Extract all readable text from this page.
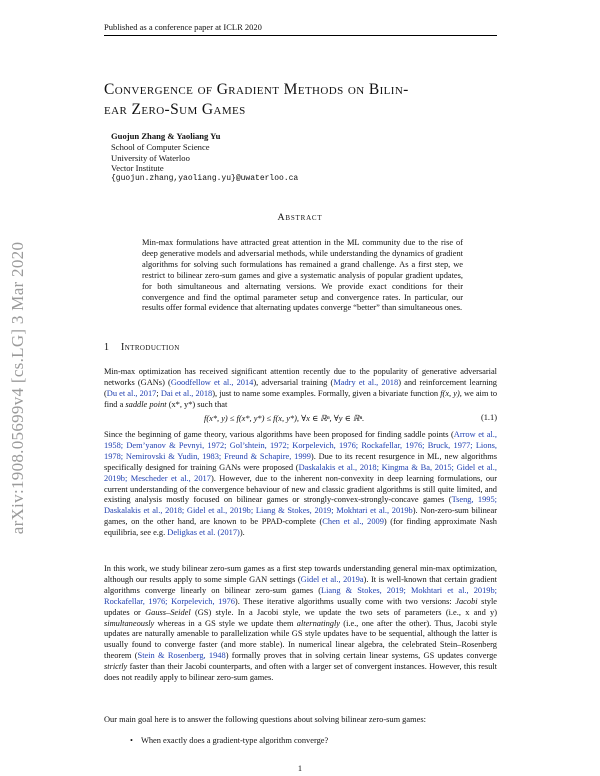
Published as a conference paper at ICLR 2020
arXiv:1908.05699v4 [cs.LG] 3 Mar 2020
Convergence of Gradient Methods on Bilin-
ear Zero-Sum Games
Guojun Zhang & Yaoliang Yu
School of Computer Science
University of Waterloo
Vector Institute
{guojun.zhang,yaoliang.yu}@uwaterloo.ca
Abstract

Min-max formulations have attracted great attention in the ML community due to the rise of deep generative models and adversarial methods, while understanding the dynamics of gradient algorithms for solving such formulations has remained a grand challenge. As a first step, we restrict to bilinear zero-sum games and give a systematic analysis of popular gradient updates, for both simultaneous and alternating versions. We provide exact conditions for their convergence and find the optimal parameter setup and convergence rates. In particular, our results offer formal evidence that alternating updates converge “better” than simultaneous ones.

1 Introduction

Min-max optimization has received significant attention recently due to the popularity of generative adversarial networks (GANs) (Goodfellow et al., 2014), adversarial training (Madry et al., 2018) and reinforcement learning (Du et al., 2017; Dai et al., 2018), just to name some examples. Formally, given a bivariate function f(x, y), we aim to find a saddle point (x*, y*) such that

f(x*, y) ≤ f(x*, y*) ≤ f(x, y*), ∀x ∈ ℝⁿ, ∀y ∈ ℝⁿ.	(1.1)

Since the beginning of game theory, various algorithms have been proposed for finding saddle points (Arrow et al., 1958; Dem’yanov & Pevnyi, 1972; Gol’shtein, 1972; Korpelevich, 1976; Rockafellar, 1976; Bruck, 1977; Lions, 1978; Nemirovski & Yudin, 1983; Freund & Schapire, 1999). Due to its recent resurgence in ML, new algorithms specifically designed for training GANs were proposed (Daskalakis et al., 2018; Kingma & Ba, 2015; Gidel et al., 2019b; Mescheder et al., 2017). However, due to the inherent non-convexity in deep learning formulations, our current understanding of the convergence behaviour of new and classic gradient algorithms is still quite limited, and existing analysis mostly focused on bilinear games or strongly-convex-strongly-concave games (Tseng, 1995; Daskalakis et al., 2018; Gidel et al., 2019b; Liang & Stokes, 2019; Mokhtari et al., 2019b). Non-zero-sum bilinear games, on the other hand, are known to be PPAD-complete (Chen et al., 2009) (for finding approximate Nash equilibria, see e.g. Deligkas et al. (2017)).

In this work, we study bilinear zero-sum games as a first step towards understanding general min-max optimization, although our results apply to some simple GAN settings (Gidel et al., 2019a). It is well-known that certain gradient algorithms converge linearly on bilinear zero-sum games (Liang & Stokes, 2019; Mokhtari et al., 2019b; Rockafellar, 1976; Korpelevich, 1976). These iterative algorithms usually come with two versions: Jacobi style updates or Gauss–Seidel (GS) style. In a Jacobi style, we update the two sets of parameters (i.e., x and y) simultaneously whereas in a GS style we update them alternatingly (i.e., one after the other). Thus, Jacobi style updates are naturally amenable to parallelization while GS style updates have to be sequential, although the latter is usually found to converge faster (and more stable). In numerical linear algebra, the celebrated Stein–Rosenberg theorem (Stein & Rosenberg, 1948) formally proves that in solving certain linear systems, GS updates converge strictly faster than their Jacobi counterparts, and often with a larger set of convergent instances. However, this result does not readily apply to bilinear zero-sum games.

Our main goal here is to answer the following questions about solving bilinear zero-sum games:

• When exactly does a gradient-type algorithm converge?
1
